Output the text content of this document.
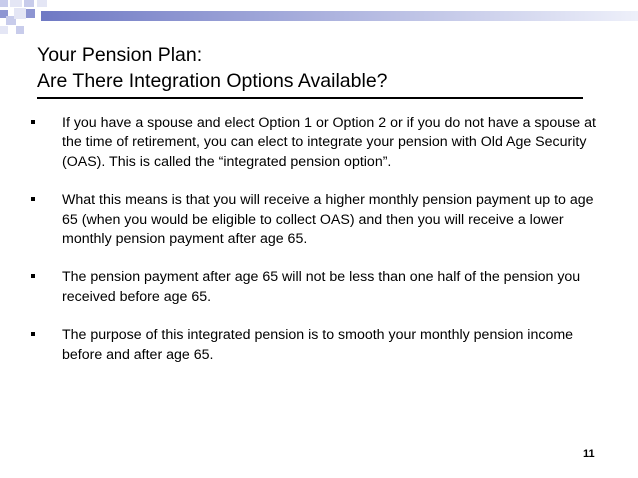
Your Pension Plan:
Are There Integration Options Available?
If you have a spouse and elect Option 1 or Option 2 or if you do not have a spouse at the time of retirement, you can elect to integrate your pension with Old Age Security (OAS). This is called the “integrated pension option”.
What this means is that you will receive a higher monthly pension payment up to age 65 (when you would be eligible to collect OAS) and then you will receive a lower monthly pension payment after age 65.
The pension payment after age 65 will not be less than one half of the pension you received before age 65.
The purpose of this integrated pension is to smooth your monthly pension income before and after age 65.
11
